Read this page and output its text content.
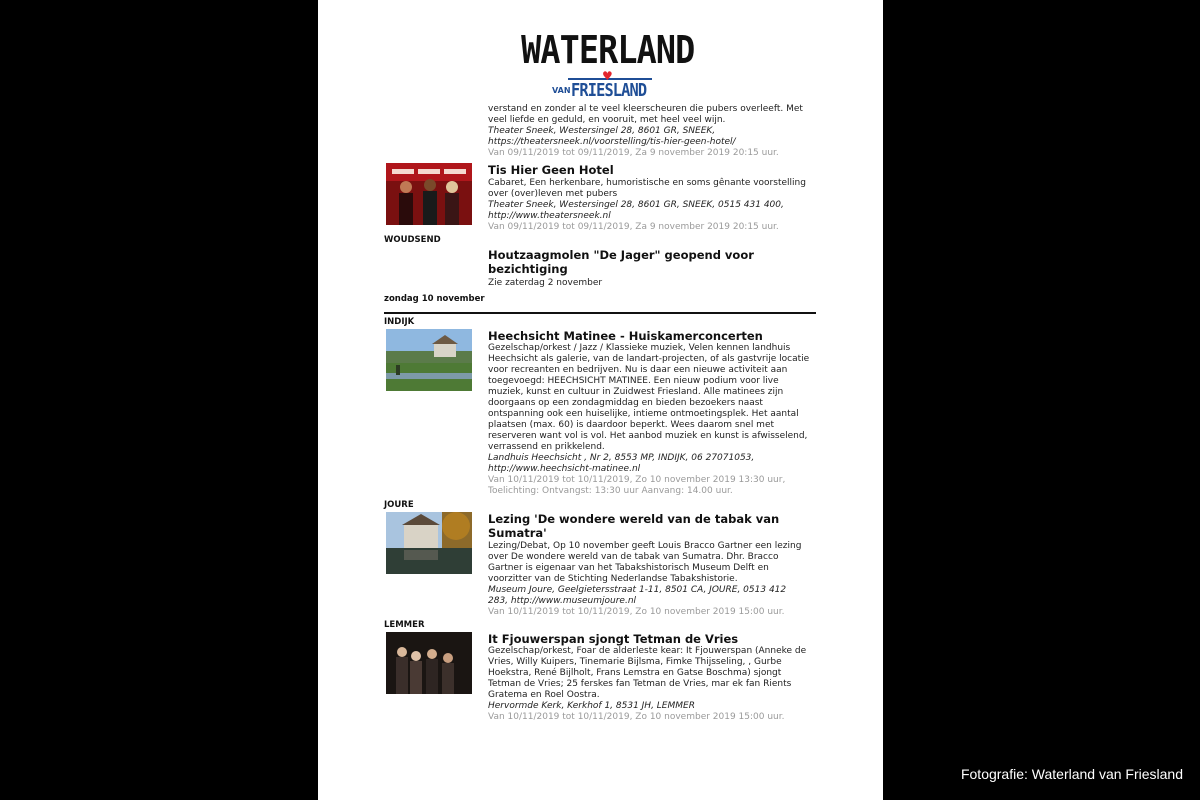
WATERLAND
♥
VAN FRIESLAND
verstand en zonder al te veel kleerscheuren die pubers overleeft. Met
veel liefde en geduld, en vooruit, met heel veel wijn.
Theater Sneek, Westersingel 28, 8601 GR, SNEEK,
https://theatersneek.nl/voorstelling/tis-hier-geen-hotel/
Van 09/11/2019 tot 09/11/2019, Za 9 november 2019 20:15 uur.
Tis Hier Geen Hotel
Cabaret, Een herkenbare, humoristische en soms gênante voorstelling
over (over)leven met pubers
Theater Sneek, Westersingel 28, 8601 GR, SNEEK, 0515 431 400,
http://www.theatersneek.nl
Van 09/11/2019 tot 09/11/2019, Za 9 november 2019 20:15 uur.
WOUDSEND
Houtzaagmolen "De Jager" geopend voor
bezichtiging
Zie zaterdag 2 november
zondag 10 november
INDIJK
Heechsicht Matinee - Huiskamerconcerten
Gezelschap/orkest / Jazz / Klassieke muziek, Velen kennen landhuis
Heechsicht als galerie, van de landart-projecten, of als gastvrije locatie
voor recreanten en bedrijven. Nu is daar een nieuwe activiteit aan
toegevoegd: HEECHSICHT MATINEE. Een nieuw podium voor live
muziek, kunst en cultuur in Zuidwest Friesland. Alle matinees zijn
doorgaans op een zondagmiddag en bieden bezoekers naast
ontspanning ook een huiselijke, intieme ontmoetingsplek. Het aantal
plaatsen (max. 60) is daardoor beperkt. Wees daarom snel met
reserveren want vol is vol. Het aanbod muziek en kunst is afwisselend,
verrassend en prikkelend.
Landhuis Heechsicht , Nr 2, 8553 MP, INDIJK, 06 27071053,
http://www.heechsicht-matinee.nl
Van 10/11/2019 tot 10/11/2019, Zo 10 november 2019 13:30 uur,
Toelichting: Ontvangst: 13:30 uur Aanvang: 14.00 uur.
JOURE
Lezing 'De wondere wereld van de tabak van
Sumatra'
Lezing/Debat, Op 10 november geeft Louis Bracco Gartner een lezing
over De wondere wereld van de tabak van Sumatra. Dhr. Bracco
Gartner is eigenaar van het Tabakshistorisch Museum Delft en
voorzitter van de Stichting Nederlandse Tabakshistorie.
Museum Joure, Geelgietersstraat 1-11, 8501 CA, JOURE, 0513 412
283, http://www.museumjoure.nl
Van 10/11/2019 tot 10/11/2019, Zo 10 november 2019 15:00 uur.
LEMMER
It Fjouwerspan sjongt Tetman de Vries
Gezelschap/orkest, Foar de alderleste kear: It Fjouwerspan (Anneke de
Vries, Willy Kuipers, Tinemarie Bijlsma, Fimke Thijsseling, , Gurbe
Hoekstra, René Bijlholt, Frans Lemstra en Gatse Boschma) sjongt
Tetman de Vries; 25 ferskes fan Tetman de Vries, mar ek fan Rients
Gratema en Roel Oostra.
Hervormde Kerk, Kerkhof 1, 8531 JH, LEMMER
Van 10/11/2019 tot 10/11/2019, Zo 10 november 2019 15:00 uur.
Fotografie: Waterland van Friesland
